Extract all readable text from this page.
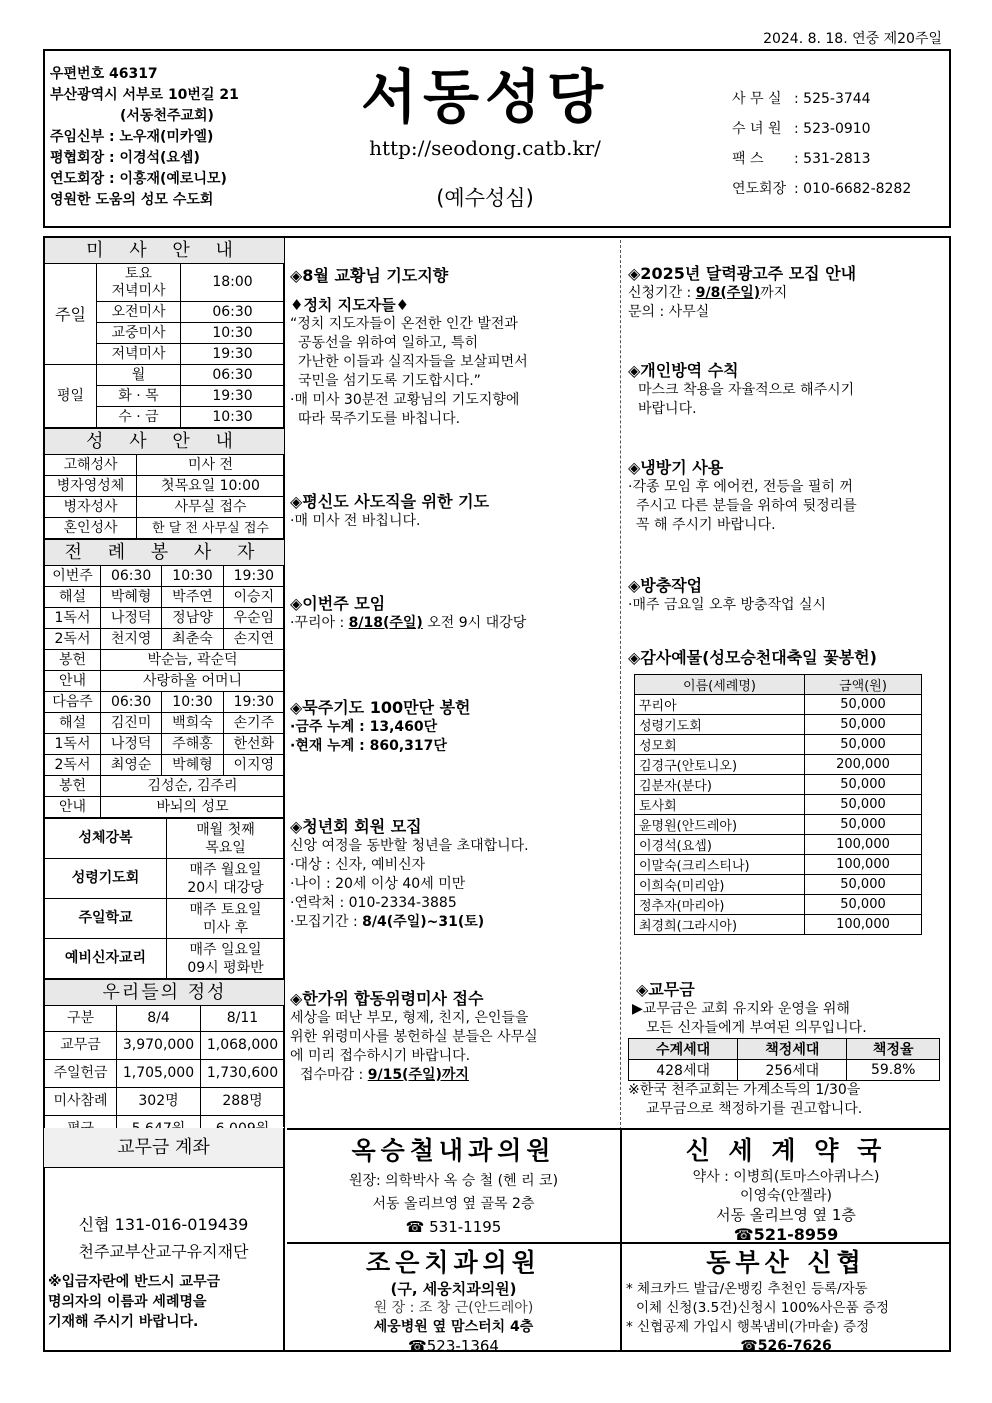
2024. 8. 18. 연중 제20주일
우편번호 46317
부산광역시 서부로 10번길 21
(서동천주교회)
주임신부 : 노우재(미카엘)
평협회장 : 이경석(요셉)
연도회장 : 이홍재(예로니모)
영원한 도움의 성모 수도회
서동성당
http://seodong.catb.kr/
(예수성심)
사 무 실 : 525-3744
수 녀 원 : 523-0910
팩 스 : 531-2813
연도회장 : 010-6682-8282
미 사 안 내		
주일	토요
저녁미사	18:00
	오전미사	06:30
	교중미사	10:30
	저녁미사	19:30
평일	월	06:30
	화 · 목	19:30
	수 · 금	10:30
성 사 안 내	
고해성사	미사 전
병자영성체	첫목요일 10:00
병자성사	사무실 접수
혼인성사	한 달 전 사무실 접수
전 례 봉 사 자			
이번주	06:30	10:30	19:30
해설	박혜형	박주연	이승지
1독서	나정덕	정남양	우순임
2독서	천지영	최춘숙	손지연
봉헌	박순늠, 곽순덕		
안내	사랑하올 어머니		
다음주	06:30	10:30	19:30
해설	김진미	백희숙	손기주
1독서	나정덕	주해홍	한선화
2독서	최영순	박혜형	이지영
봉헌	김성순, 김주리		
안내	바뇌의 성모		
성체강복	매월 첫째
목요일
성령기도회	매주 월요일
20시 대강당
주일학교	매주 토요일
미사 후
예비신자교리	매주 일요일
09시 평화반
우리들의 정성		
구분	8/4	8/11
교무금	3,970,000	1,068,000
주일헌금	1,705,000	1,730,600
미사참례	302명	288명

교무금 계좌
신협 131-016-019439
천주교부산교구유지재단
※입금자란에 반드시 교무금
명의자의 이름과 세례명을
기재해 주시기 바랍니다.
◈8월 교황님 기도지향
♦정치 지도자들♦
“정치 지도자들이 온전한 인간 발전과
공동선을 위하여 일하고, 특히
가난한 이들과 실직자들을 보살피면서
국민을 섬기도록 기도합시다.”
·매 미사 30분전 교황님의 기도지향에
따라 묵주기도를 바칩니다.
◈평신도 사도직을 위한 기도
·매 미사 전 바칩니다.
◈이번주 모임
·꾸리아 : 8/18(주일) 오전 9시 대강당
◈묵주기도 100만단 봉헌
·금주 누계 : 13,460단
·현재 누계 : 860,317단
◈청년회 회원 모집
신앙 여정을 동반할 청년을 초대합니다.
·대상 : 신자, 예비신자
·나이 : 20세 이상 40세 미만
·연락처 : 010-2334-3885
·모집기간 : 8/4(주일)~31(토)
◈한가위 합동위령미사 접수
세상을 떠난 부모, 형제, 친지, 은인들을
위한 위령미사를 봉헌하실 분들은 사무실
에 미리 접수하시기 바랍니다.
접수마감 : 9/15(주일)까지
◈2025년 달력광고주 모집 안내
신청기간 : 9/8(주일)까지
문의 : 사무실
◈개인방역 수칙
마스크 착용을 자율적으로 해주시기
바랍니다.
◈냉방기 사용
·각종 모임 후 에어컨, 전등을 필히 꺼
주시고 다른 분들을 위하여 뒷정리를
꼭 해 주시기 바랍니다.
◈방충작업
·매주 금요일 오후 방충작업 실시
◈감사예물(성모승천대축일 꽃봉헌)
이름(세례명)	금액(원)
꾸리아	50,000
성령기도회	50,000
성모회	50,000
김경구(안토니오)	200,000
김분자(분다)	50,000
토사회	50,000
윤명원(안드레아)	50,000
이경석(요셉)	100,000
이말숙(크리스티나)	100,000
이희숙(미리암)	50,000
정추자(마리아)	50,000
최경희(그라시아)	100,000
◈교무금
▶교무금은 교회 유지와 운영을 위해
모든 신자들에게 부여된 의무입니다.
수계세대	책정세대	책정율
428세대	256세대	59.8%
※한국 천주교회는 가계소득의 1/30을
교무금으로 책정하기를 권고합니다.
옥승철내과의원
원장: 의학박사 옥 승 철 (헨 리 코)
서동 올리브영 옆 골목 2층
☎ 531-1195
신 세 계 약 국
약사 : 이병희(토마스아퀴나스)
이영숙(안젤라)
서동 올리브영 옆 1층
☎521-8959
조은치과의원
(구, 세웅치과의원)
원 장 : 조 창 근(안드레아)
세웅병원 옆 맘스터치 4층
☎523-1364
동부산 신협
* 체크카드 발급/온뱅킹 추천인 등록/자동
이체 신청(3.5건)신청시 100%사은품 증정
* 신협공제 가입시 행복냄비(가마솥) 증정
☎526-7626
